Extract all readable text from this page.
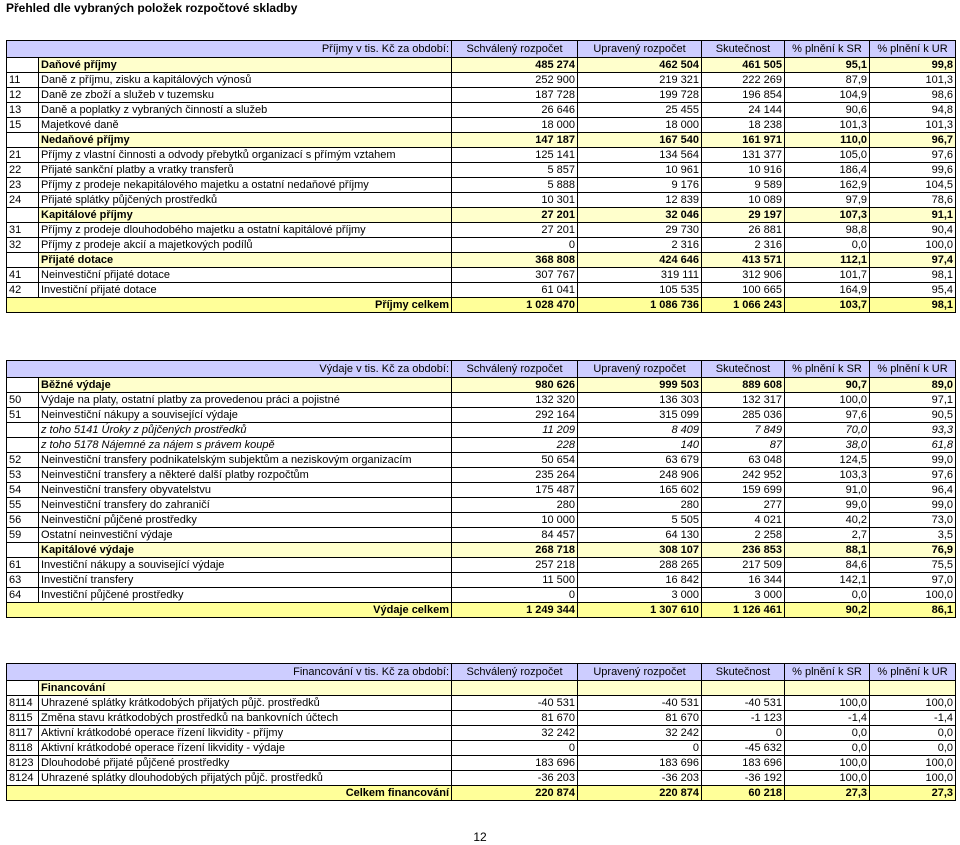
Přehled dle vybraných položek rozpočtové skladby
Příjmy v tis. Kč za období:		Schválený rozpočet	Upravený rozpočet	Skutečnost	% plnění k SR	% plnění k UR
	Daňové příjmy	485 274	462 504	461 505	95,1	99,8
11	Daně z příjmu, zisku a kapitálových výnosů	252 900	219 321	222 269	87,9	101,3
12	Daně ze zboží a služeb v tuzemsku	187 728	199 728	196 854	104,9	98,6
13	Daně a poplatky z vybraných činností a služeb	26 646	25 455	24 144	90,6	94,8
15	Majetkové daně	18 000	18 000	18 238	101,3	101,3
	Nedaňové příjmy	147 187	167 540	161 971	110,0	96,7
21	Příjmy z vlastní činnosti a odvody přebytků organizací s přímým vztahem	125 141	134 564	131 377	105,0	97,6
22	Přijaté sankční platby a vratky transferů	5 857	10 961	10 916	186,4	99,6
23	Příjmy z prodeje nekapitálového majetku a ostatní nedaňové příjmy	5 888	9 176	9 589	162,9	104,5
24	Přijaté splátky půjčených prostředků	10 301	12 839	10 089	97,9	78,6
	Kapitálové příjmy	27 201	32 046	29 197	107,3	91,1
31	Příjmy z prodeje dlouhodobého majetku a ostatní kapitálové příjmy	27 201	29 730	26 881	98,8	90,4
32	Příjmy z prodeje akcií a majetkových podílů	0	2 316	2 316	0,0	100,0
	Přijaté dotace	368 808	424 646	413 571	112,1	97,4
41	Neinvestiční přijaté dotace	307 767	319 111	312 906	101,7	98,1
42	Investiční přijaté dotace	61 041	105 535	100 665	164,9	95,4
Příjmy celkem		1 028 470	1 086 736	1 066 243	103,7	98,1
Výdaje v tis. Kč za období:		Schválený rozpočet	Upravený rozpočet	Skutečnost	% plnění k SR	% plnění k UR
	Běžné výdaje	980 626	999 503	889 608	90,7	89,0
50	Výdaje na platy, ostatní platby za provedenou práci a pojistné	132 320	136 303	132 317	100,0	97,1
51	Neinvestiční nákupy a související výdaje	292 164	315 099	285 036	97,6	90,5
	z toho 5141 Úroky z půjčených prostředků	11 209	8 409	7 849	70,0	93,3
	z toho 5178 Nájemné za nájem s právem koupě	228	140	87	38,0	61,8
52	Neinvestiční transfery podnikatelským subjektům a neziskovým organizacím	50 654	63 679	63 048	124,5	99,0
53	Neinvestiční transfery a některé další platby rozpočtům	235 264	248 906	242 952	103,3	97,6
54	Neinvestiční transfery obyvatelstvu	175 487	165 602	159 699	91,0	96,4
55	Neinvestiční transfery do zahraničí	280	280	277	99,0	99,0
56	Neinvestiční půjčené prostředky	10 000	5 505	4 021	40,2	73,0
59	Ostatní neinvestiční výdaje	84 457	64 130	2 258	2,7	3,5
	Kapitálové výdaje	268 718	308 107	236 853	88,1	76,9
61	Investiční nákupy a související výdaje	257 218	288 265	217 509	84,6	75,5
63	Investiční transfery	11 500	16 842	16 344	142,1	97,0
64	Investiční půjčené prostředky	0	3 000	3 000	0,0	100,0
Výdaje celkem		1 249 344	1 307 610	1 126 461	90,2	86,1
Financování v tis. Kč za období:		Schválený rozpočet	Upravený rozpočet	Skutečnost	% plnění k SR	% plnění k UR
	Financování					
8114	Uhrazené splátky krátkodobých přijatých půjč. prostředků	-40 531	-40 531	-40 531	100,0	100,0
8115	Změna stavu krátkodobých prostředků na bankovních účtech	81 670	81 670	-1 123	-1,4	-1,4
8117	Aktivní krátkodobé operace řízení likvidity - příjmy	32 242	32 242	0	0,0	0,0
8118	Aktivní krátkodobé operace řízení likvidity - výdaje	0	0	-45 632	0,0	0,0
8123	Dlouhodobé přijaté půjčené prostředky	183 696	183 696	183 696	100,0	100,0
8124	Uhrazené splátky dlouhodobých přijatých půjč. prostředků	-36 203	-36 203	-36 192	100,0	100,0
Celkem financování		220 874	220 874	60 218	27,3	27,3
12
